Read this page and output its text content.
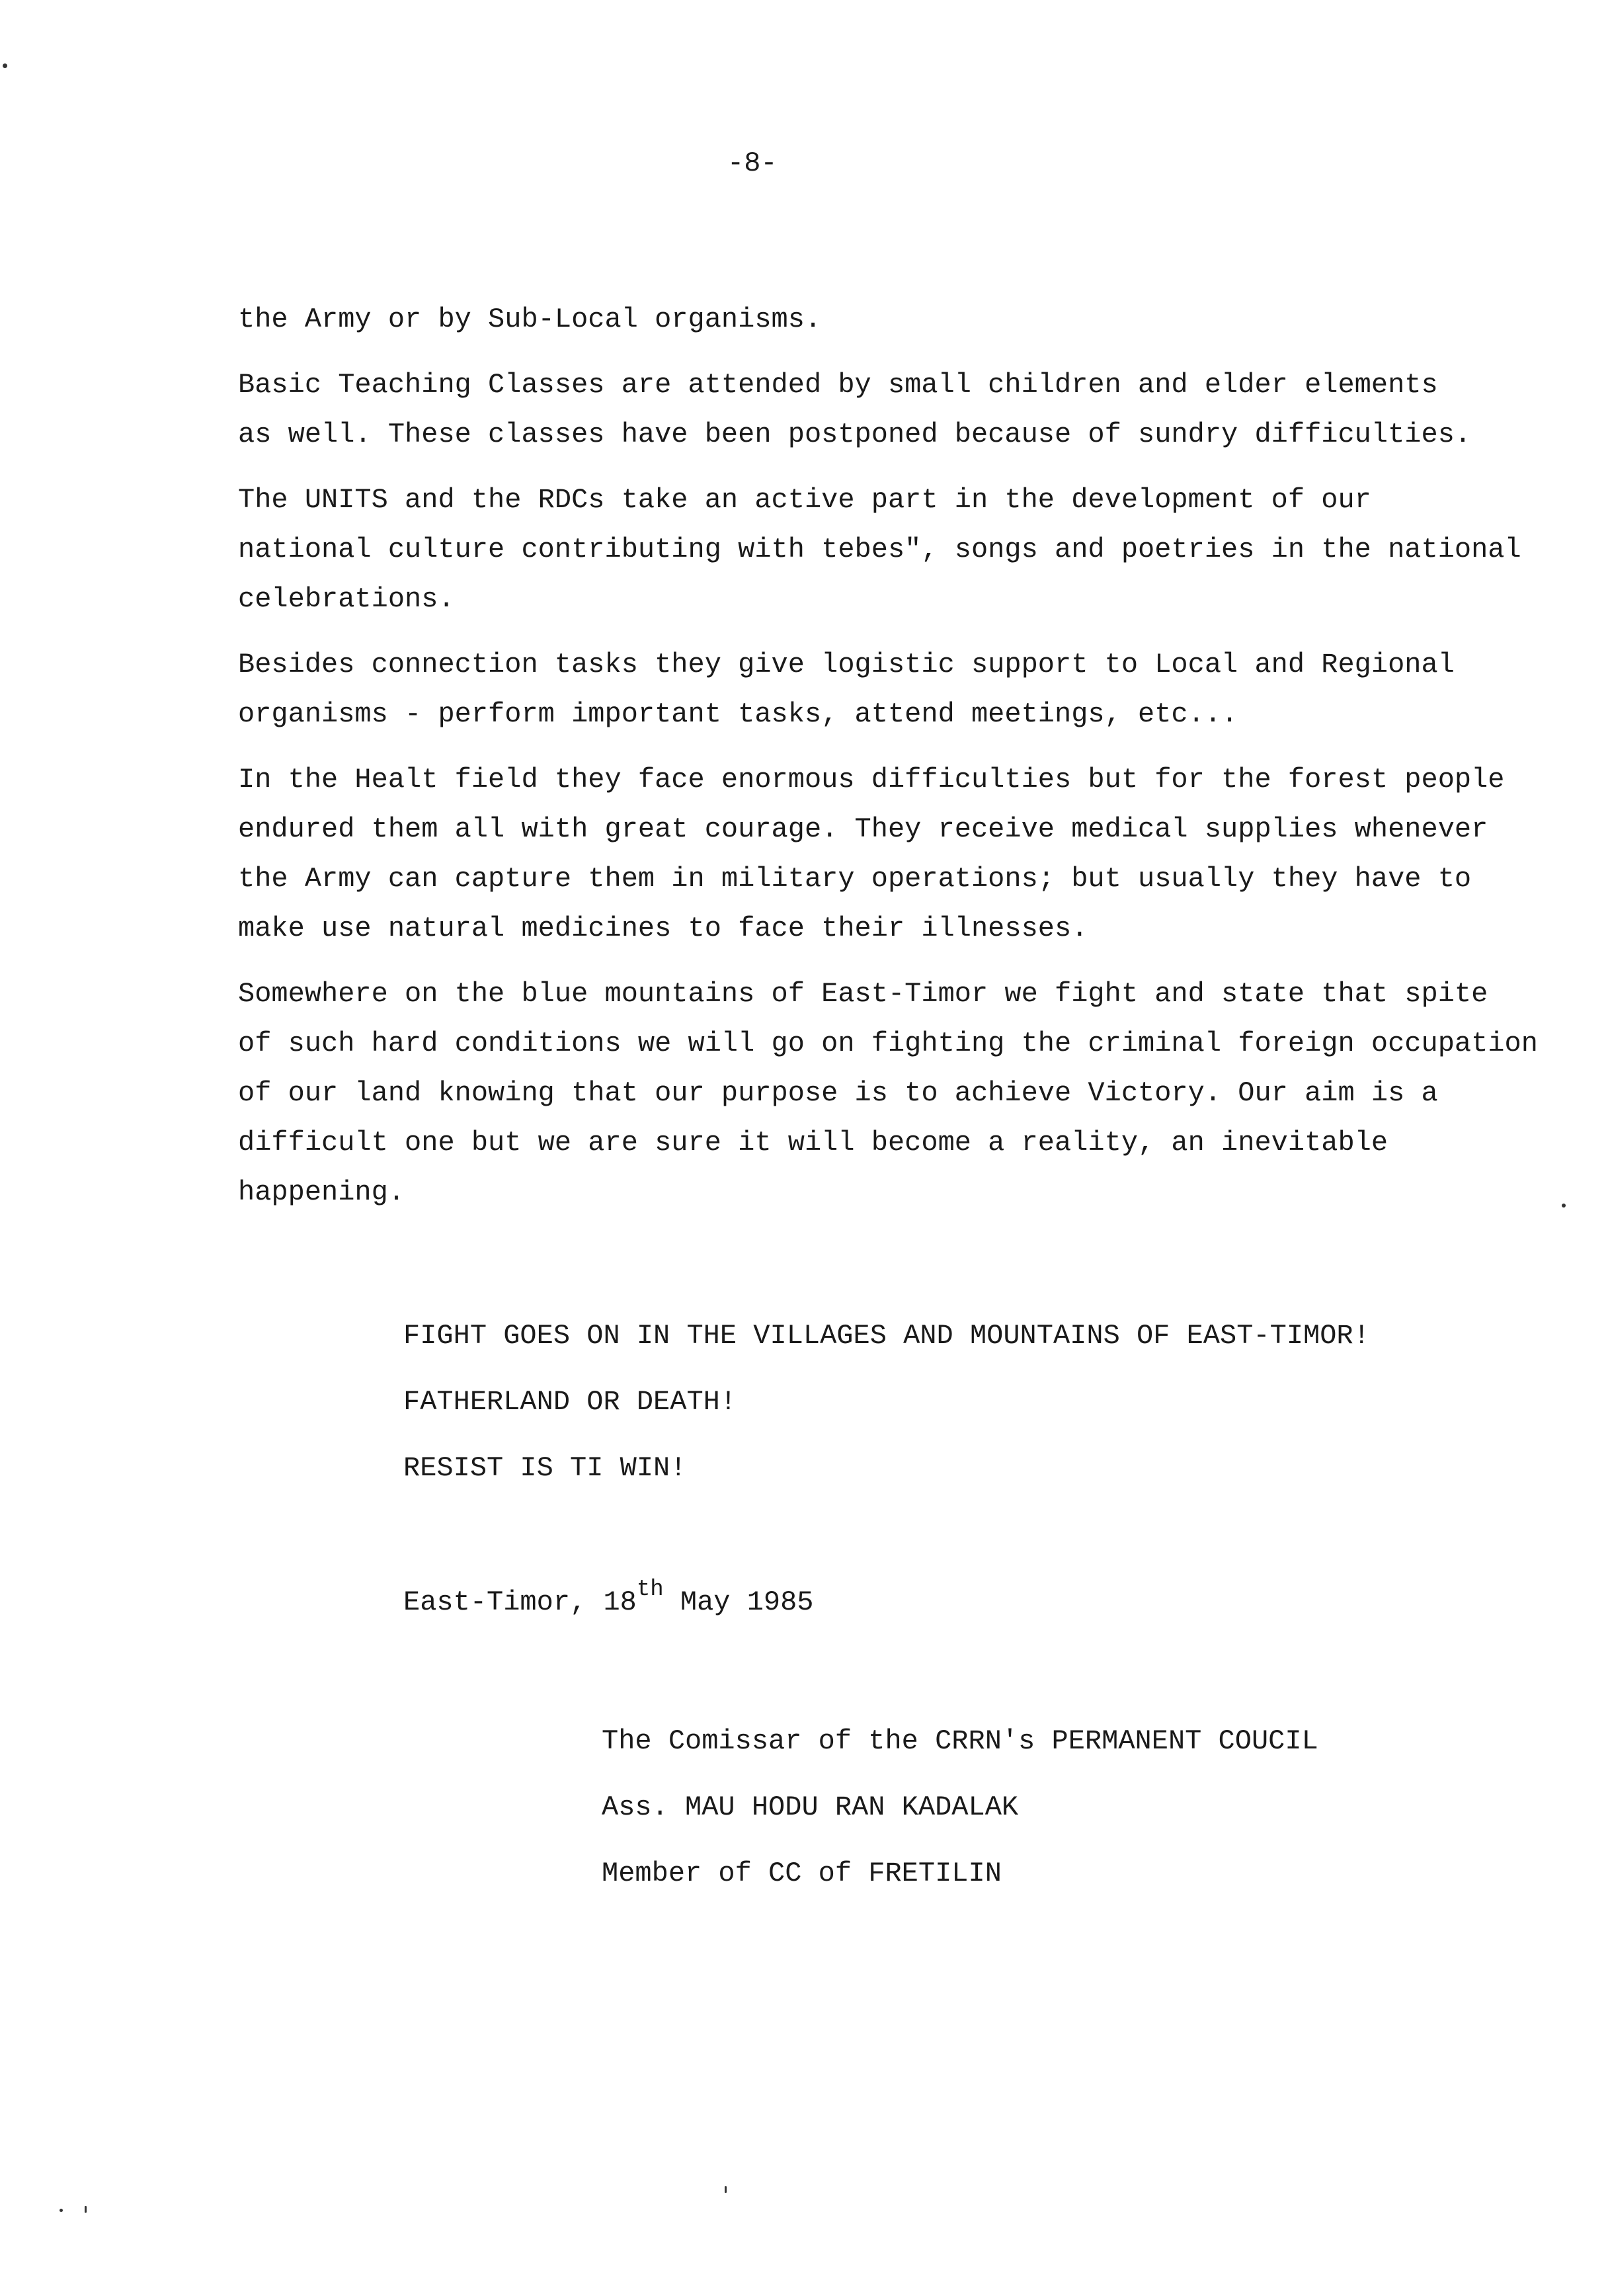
-8-
the Army or by Sub-Local organisms.
Basic Teaching Classes are attended by small children and elder elements
as well. These classes have been postponed because of sundry difficulties.
The UNITS and the RDCs take an active part in the development of our
national culture contributing with tebes", songs and poetries in the national
celebrations.
Besides connection tasks they give logistic support to Local and Regional
organisms - perform important tasks, attend meetings, etc...
In the Healt field they face enormous difficulties but for the forest people
endured them all with great courage. They receive medical supplies whenever
the Army can capture them in military operations; but usually they have to
make use natural medicines to face their illnesses.
Somewhere on the blue mountains of East-Timor we fight and state that spite
of such hard conditions we will go on fighting the criminal foreign occupation
of our land knowing that our purpose is to achieve Victory. Our aim is a
difficult one but we are sure it will become a reality, an inevitable
happening.
FIGHT GOES ON IN THE VILLAGES AND MOUNTAINS OF EAST-TIMOR!
FATHERLAND OR DEATH!
RESIST IS TI WIN!
East-Timor, 18th May 1985
The Comissar of the CRRN's PERMANENT COUCIL
Ass. MAU HODU RAN KADALAK
Member of CC of FRETILIN
